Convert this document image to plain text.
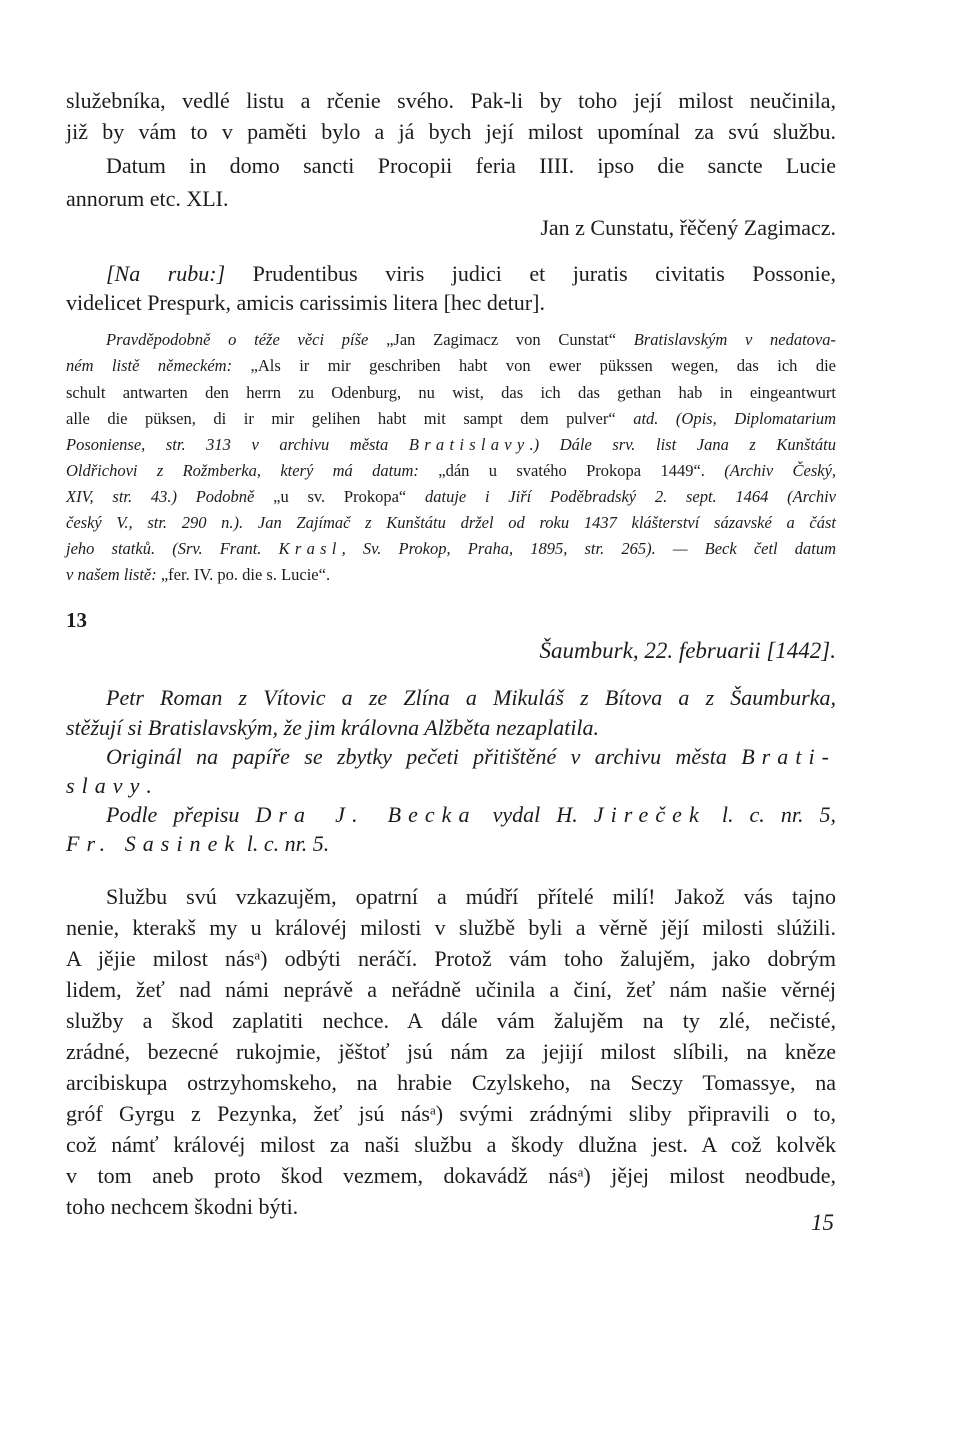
služebníka, vedlé listu a rčenie svého. Pak-li by toho její milost neučinila,
již by vám to v paměti bylo a já bych její milost upomínal za svú službu.
Datum in domo sancti Procopii feria IIII. ipso die sancte Lucie
annorum etc. XLI.
Jan z Cunstatu, řěčený Zagimacz.
[Na rubu:] Prudentibus viris judici et juratis civitatis Possonie,
videlicet Prespurk, amicis carissimis litera [hec detur].
Pravděpodobně o téže věci píše „Jan Zagimacz von Cunstat“ Bratislavským v nedatova-
ném listě německém: „Als ir mir geschriben habt von ewer pükssen wegen, das ich die
schult antwarten den herrn zu Odenburg, nu wist, das ich das gethan hab in eingeantwurt
alle die püksen, di ir mir gelihen habt mit sampt dem pulver“ atd. (Opis, Diplomatarium
Posoniense, str. 313 v archivu města Bratislavy.) Dále srv. list Jana z Kunštátu
Oldřichovi z Rožmberka, který má datum: „dán u svatého Prokopa 1449“. (Archiv Český,
XIV, str. 43.) Podobně „u sv. Prokopa“ datuje i Jiří Poděbradský 2. sept. 1464 (Archiv
český V., str. 290 n.). Jan Zajímač z Kunštátu držel od roku 1437 klášterství sázavské a část
jeho statků. (Srv. Frant. Krasl, Sv. Prokop, Praha, 1895, str. 265). — Beck četl datum
v našem listě: „fer. IV. po. die s. Lucie“.
13
Šaumburk, 22. februarii [1442].
Petr Roman z Vítovic a ze Zlína a Mikuláš z Bítova a z Šaumburka,
stěžují si Bratislavským, že jim královna Alžběta nezaplatila.
Originál na papíře se zbytky pečeti přitištěné v archivu města Brati-
slavy.
Podle přepisu Dra J. Becka vydal H. Jireček l. c. nr. 5,
Fr. Sasinek l. c. nr. 5.
Službu svú vzkazujěm, opatrní a múdří přítelé milí! Jakož vás tajno
nenie, kterakš my u královéj milosti v službě byli a věrně jějí milosti slúžili.
A jějie milost nás$^a$) odbýti neráčí. Protož vám toho žalujěm, jako dobrým
lidem, žeť nad námi neprávě a neřádně učinila a činí, žeť nám našie věrnéj
služby a škod zaplatiti nechce. A dále vám žalujěm na ty zlé, nečisté,
zrádné, bezecné rukojmie, jěštoť jsú nám za jejijí milost slíbili, na kněze
arcibiskupa ostrzyhomskeho, na hrabie Czylskeho, na Seczy Tomassye, na
gróf Gyrgu z Pezynka, žeť jsú nás$^a$) svými zrádnými sliby připravili o to,
což námť královéj milost za naši službu a škody dlužna jest. A což kolvěk
v tom aneb proto škod vezmem, dokavádž nás$^a$) jějej milost neodbude,
toho nechcem škodni býti.
15
